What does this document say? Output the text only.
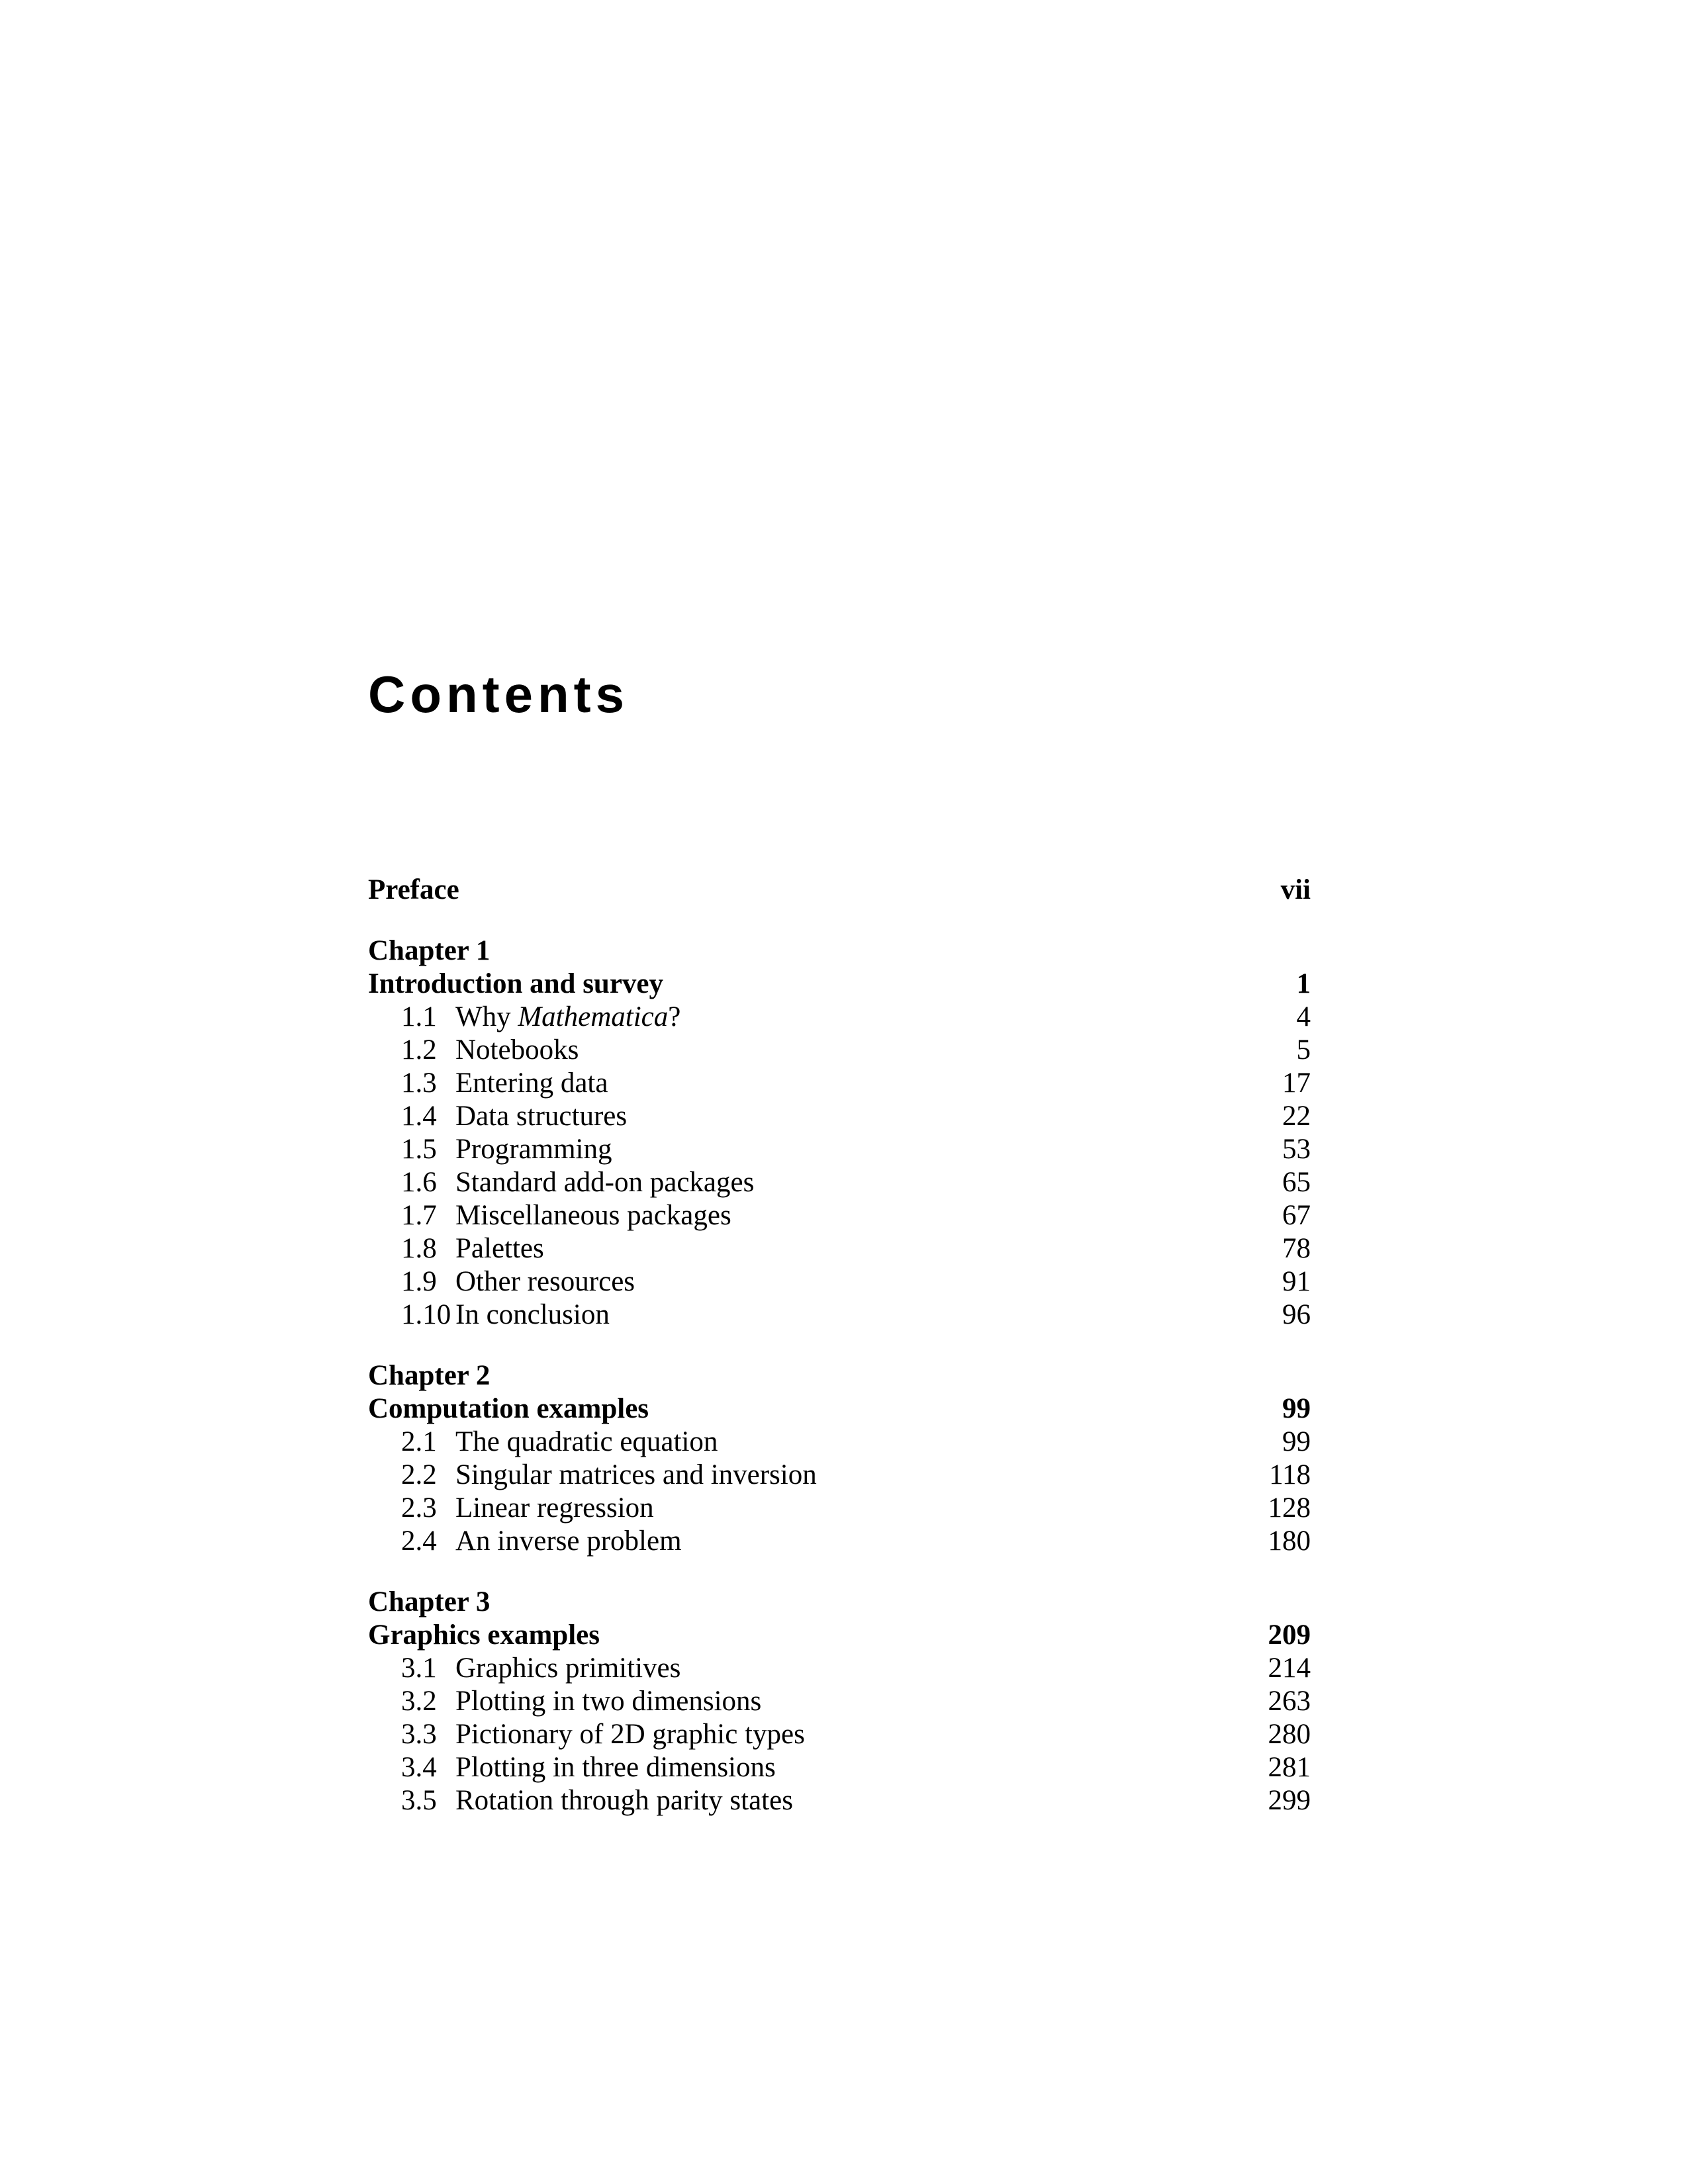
Contents
Preface	vii
Chapter 1
Introduction and survey	1
1.1 Why Mathematica?	4
1.2 Notebooks	5
1.3 Entering data	17
1.4 Data structures	22
1.5 Programming	53
1.6 Standard add-on packages	65
1.7 Miscellaneous packages	67
1.8 Palettes	78
1.9 Other resources	91
1.10 In conclusion	96
Chapter 2
Computation examples	99
2.1 The quadratic equation	99
2.2 Singular matrices and inversion	118
2.3 Linear regression	128
2.4 An inverse problem	180
Chapter 3
Graphics examples	209
3.1 Graphics primitives	214
3.2 Plotting in two dimensions	263
3.3 Pictionary of 2D graphic types	280
3.4 Plotting in three dimensions	281
3.5 Rotation through parity states	299
